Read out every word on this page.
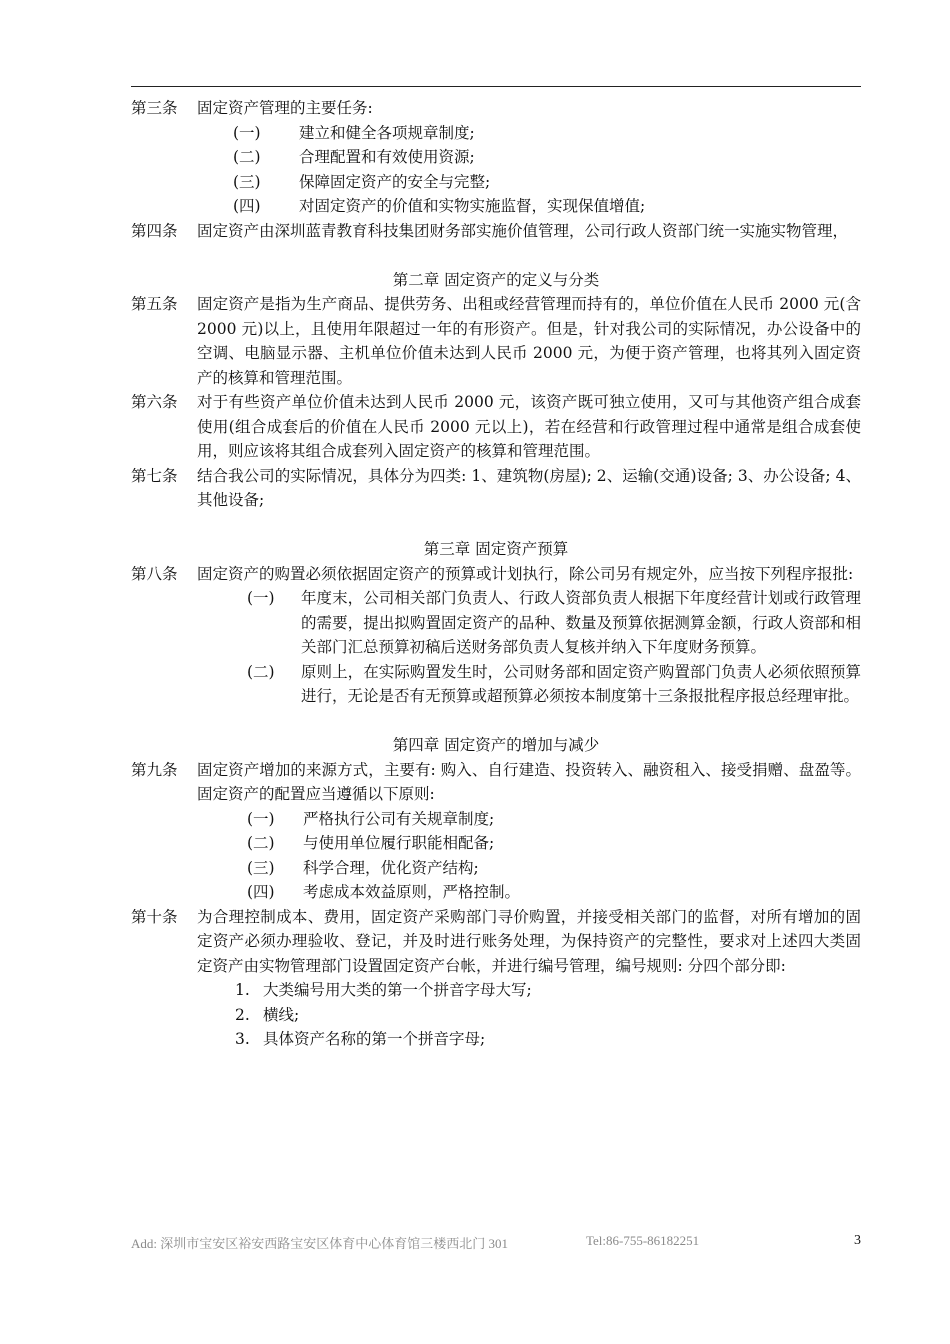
第三条	固定资产管理的主要任务:
(一)	建立和健全各项规章制度;
(二)	合理配置和有效使用资源;
(三)	保障固定资产的安全与完整;
(四)	对固定资产的价值和实物实施监督，实现保值增值;
第四条	固定资产由深圳蓝青教育科技集团财务部实施价值管理，公司行政人资部门统一实施实物管理，
第二章 固定资产的定义与分类
第五条	固定资产是指为生产商品、提供劳务、出租或经营管理而持有的，单位价值在人民币 2000 元(含 2000 元)以上，且使用年限超过一年的有形资产。但是，针对我公司的实际情况，办公设备中的空调、电脑显示器、主机单位价值未达到人民币 2000 元，为便于资产管理，也将其列入固定资产的核算和管理范围。
第六条	对于有些资产单位价值未达到人民币 2000 元，该资产既可独立使用，又可与其他资产组合成套使用(组合成套后的价值在人民币 2000 元以上)，若在经营和行政管理过程中通常是组合成套使用，则应该将其组合成套列入固定资产的核算和管理范围。
第七条	结合我公司的实际情况，具体分为四类: 1、建筑物(房屋); 2、运输(交通)设备; 3、办公设备; 4、其他设备;
第三章 固定资产预算
第八条	固定资产的购置必须依据固定资产的预算或计划执行，除公司另有规定外，应当按下列程序报批:
(一)	年度末，公司相关部门负责人、行政人资部负责人根据下年度经营计划或行政管理的需要，提出拟购置固定资产的品种、数量及预算依据测算金额，行政人资部和相关部门汇总预算初稿后送财务部负责人复核并纳入下年度财务预算。
(二)	原则上，在实际购置发生时，公司财务部和固定资产购置部门负责人必须依照预算进行，无论是否有无预算或超预算必须按本制度第十三条报批程序报总经理审批。
第四章 固定资产的增加与减少
第九条	固定资产增加的来源方式，主要有: 购入、自行建造、投资转入、融资租入、接受捐赠、盘盈等。固定资产的配置应当遵循以下原则:
(一)	严格执行公司有关规章制度;
(二)	与使用单位履行职能相配备;
(三)	科学合理，优化资产结构;
(四)	考虑成本效益原则，严格控制。
第十条	为合理控制成本、费用，固定资产采购部门寻价购置，并接受相关部门的监督，对所有增加的固定资产必须办理验收、登记，并及时进行账务处理，为保持资产的完整性，要求对上述四大类固定资产由实物管理部门设置固定资产台帐，并进行编号管理，编号规则: 分四个部分即:
1. 大类编号用大类的第一个拼音字母大写;
2. 横线;
3. 具体资产名称的第一个拼音字母;
Add: 深圳市宝安区裕安西路宝安区体育中心体育馆三楼西北门 301	Tel:86-755-86182251	3
